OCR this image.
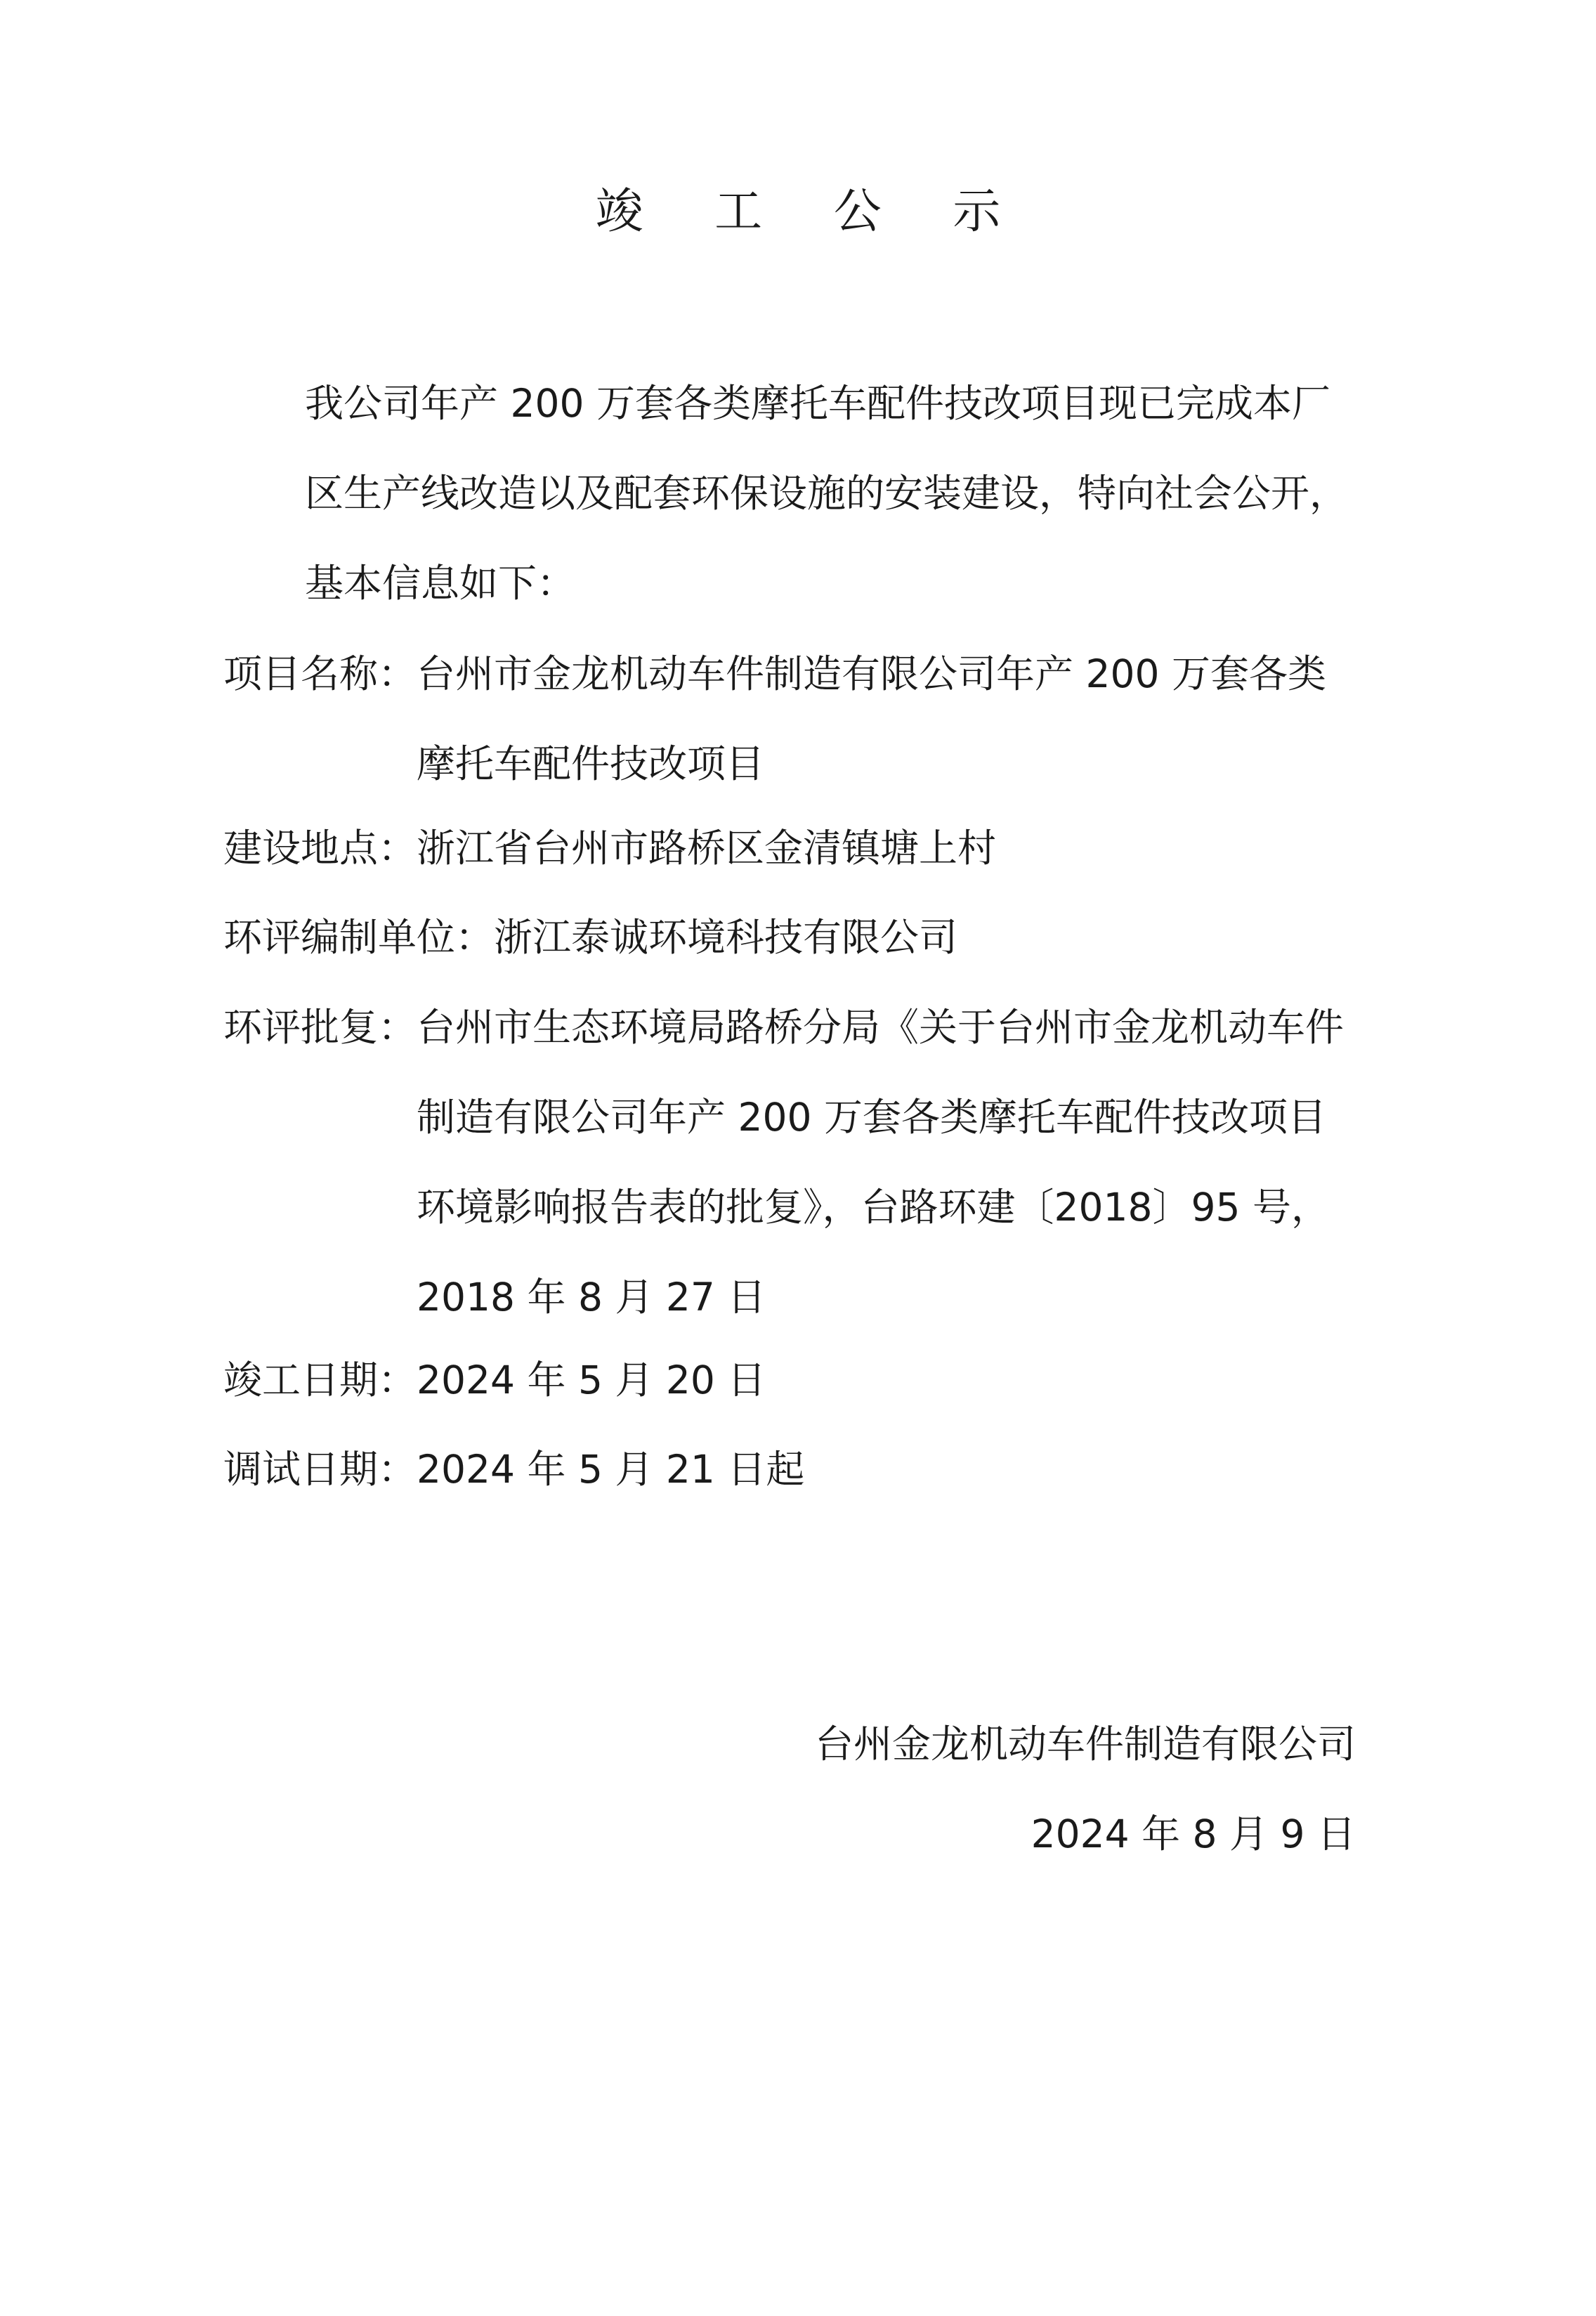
竣 工 公 示
我公司年产 200 万套各类摩托车配件技改项目现已完成本厂区生产线改造以及配套环保设施的安装建设，特向社会公开，基本信息如下：
项目名称： 台州市金龙机动车件制造有限公司年产 200 万套各类摩托车配件技改项目
建设地点：浙江省台州市路桥区金清镇塘上村
环评编制单位：浙江泰诚环境科技有限公司
环评批复： 台州市生态环境局路桥分局《关于台州市金龙机动车件制造有限公司年产 200 万套各类摩托车配件技改项目环境影响报告表的批复》，台路环建〔2018〕95 号，2018 年 8 月 27 日
竣工日期：2024 年 5 月 20 日
调试日期：2024 年 5 月 21 日起
台州金龙机动车件制造有限公司
2024 年 8 月 9 日
